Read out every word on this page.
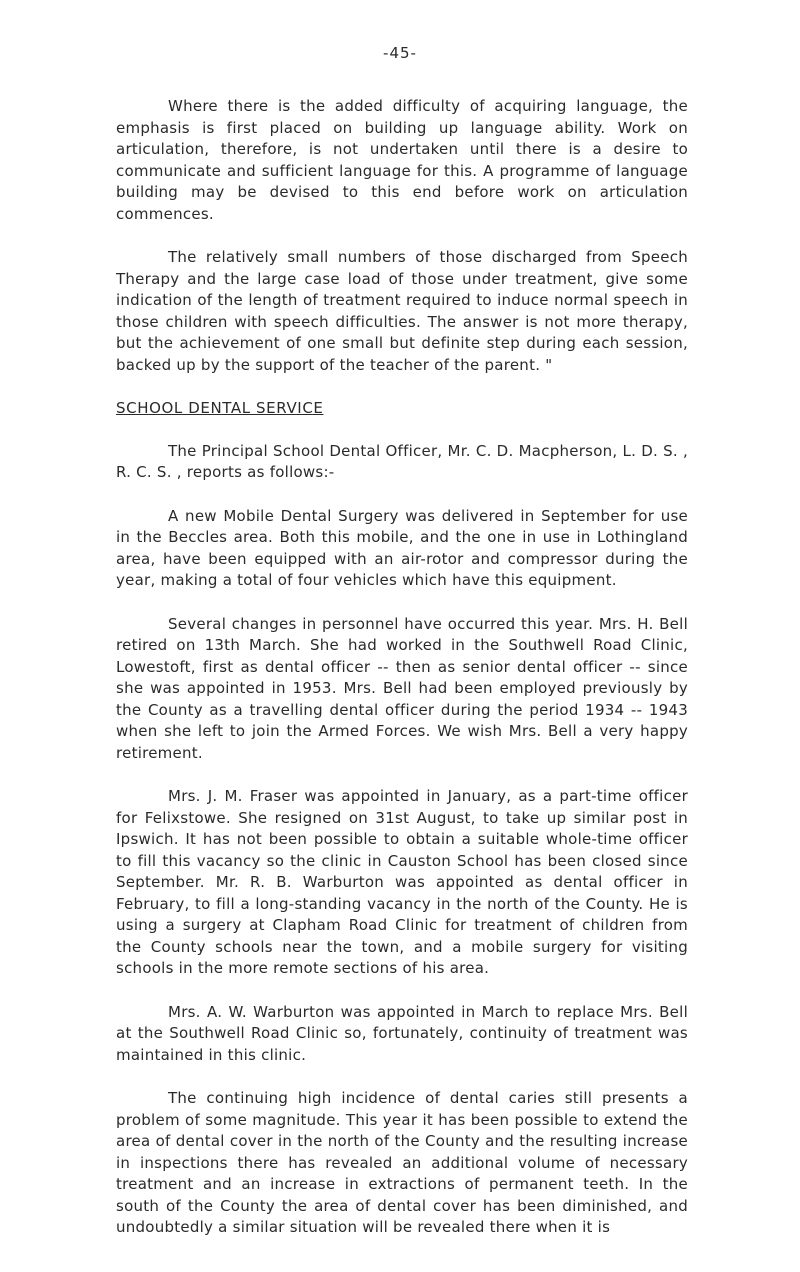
-45-

Where there is the added difficulty of acquiring language, the emphasis is first placed on building up language ability. Work on articulation, therefore, is not undertaken until there is a desire to communicate and sufficient language for this. A programme of language building may be devised to this end before work on articulation commences.

The relatively small numbers of those discharged from Speech Therapy and the large case load of those under treatment, give some indication of the length of treatment required to induce normal speech in those children with speech difficulties. The answer is not more therapy, but the achievement of one small but definite step during each session, backed up by the support of the teacher of the parent. "

SCHOOL DENTAL SERVICE

The Principal School Dental Officer, Mr. C. D. Macpherson, L. D. S. , R. C. S. , reports as follows:-

A new Mobile Dental Surgery was delivered in September for use in the Beccles area. Both this mobile, and the one in use in Lothingland area, have been equipped with an air-rotor and compressor during the year, making a total of four vehicles which have this equipment.

Several changes in personnel have occurred this year. Mrs. H. Bell retired on 13th March. She had worked in the Southwell Road Clinic, Lowestoft, first as dental officer -- then as senior dental officer -- since she was appointed in 1953. Mrs. Bell had been employed previously by the County as a travelling dental officer during the period 1934 -- 1943 when she left to join the Armed Forces. We wish Mrs. Bell a very happy retirement.

Mrs. J. M. Fraser was appointed in January, as a part-time officer for Felixstowe. She resigned on 31st August, to take up similar post in Ipswich. It has not been possible to obtain a suitable whole-time officer to fill this vacancy so the clinic in Causton School has been closed since September. Mr. R. B. Warburton was appointed as dental officer in February, to fill a long-standing vacancy in the north of the County. He is using a surgery at Clapham Road Clinic for treatment of children from the County schools near the town, and a mobile surgery for visiting schools in the more remote sections of his area.

Mrs. A. W. Warburton was appointed in March to replace Mrs. Bell at the Southwell Road Clinic so, fortunately, continuity of treatment was maintained in this clinic.

The continuing high incidence of dental caries still presents a problem of some magnitude. This year it has been possible to extend the area of dental cover in the north of the County and the resulting increase in inspections there has revealed an additional volume of necessary treatment and an increase in extractions of permanent teeth. In the south of the County the area of dental cover has been diminished, and undoubtedly a similar situation will be revealed there when it is
